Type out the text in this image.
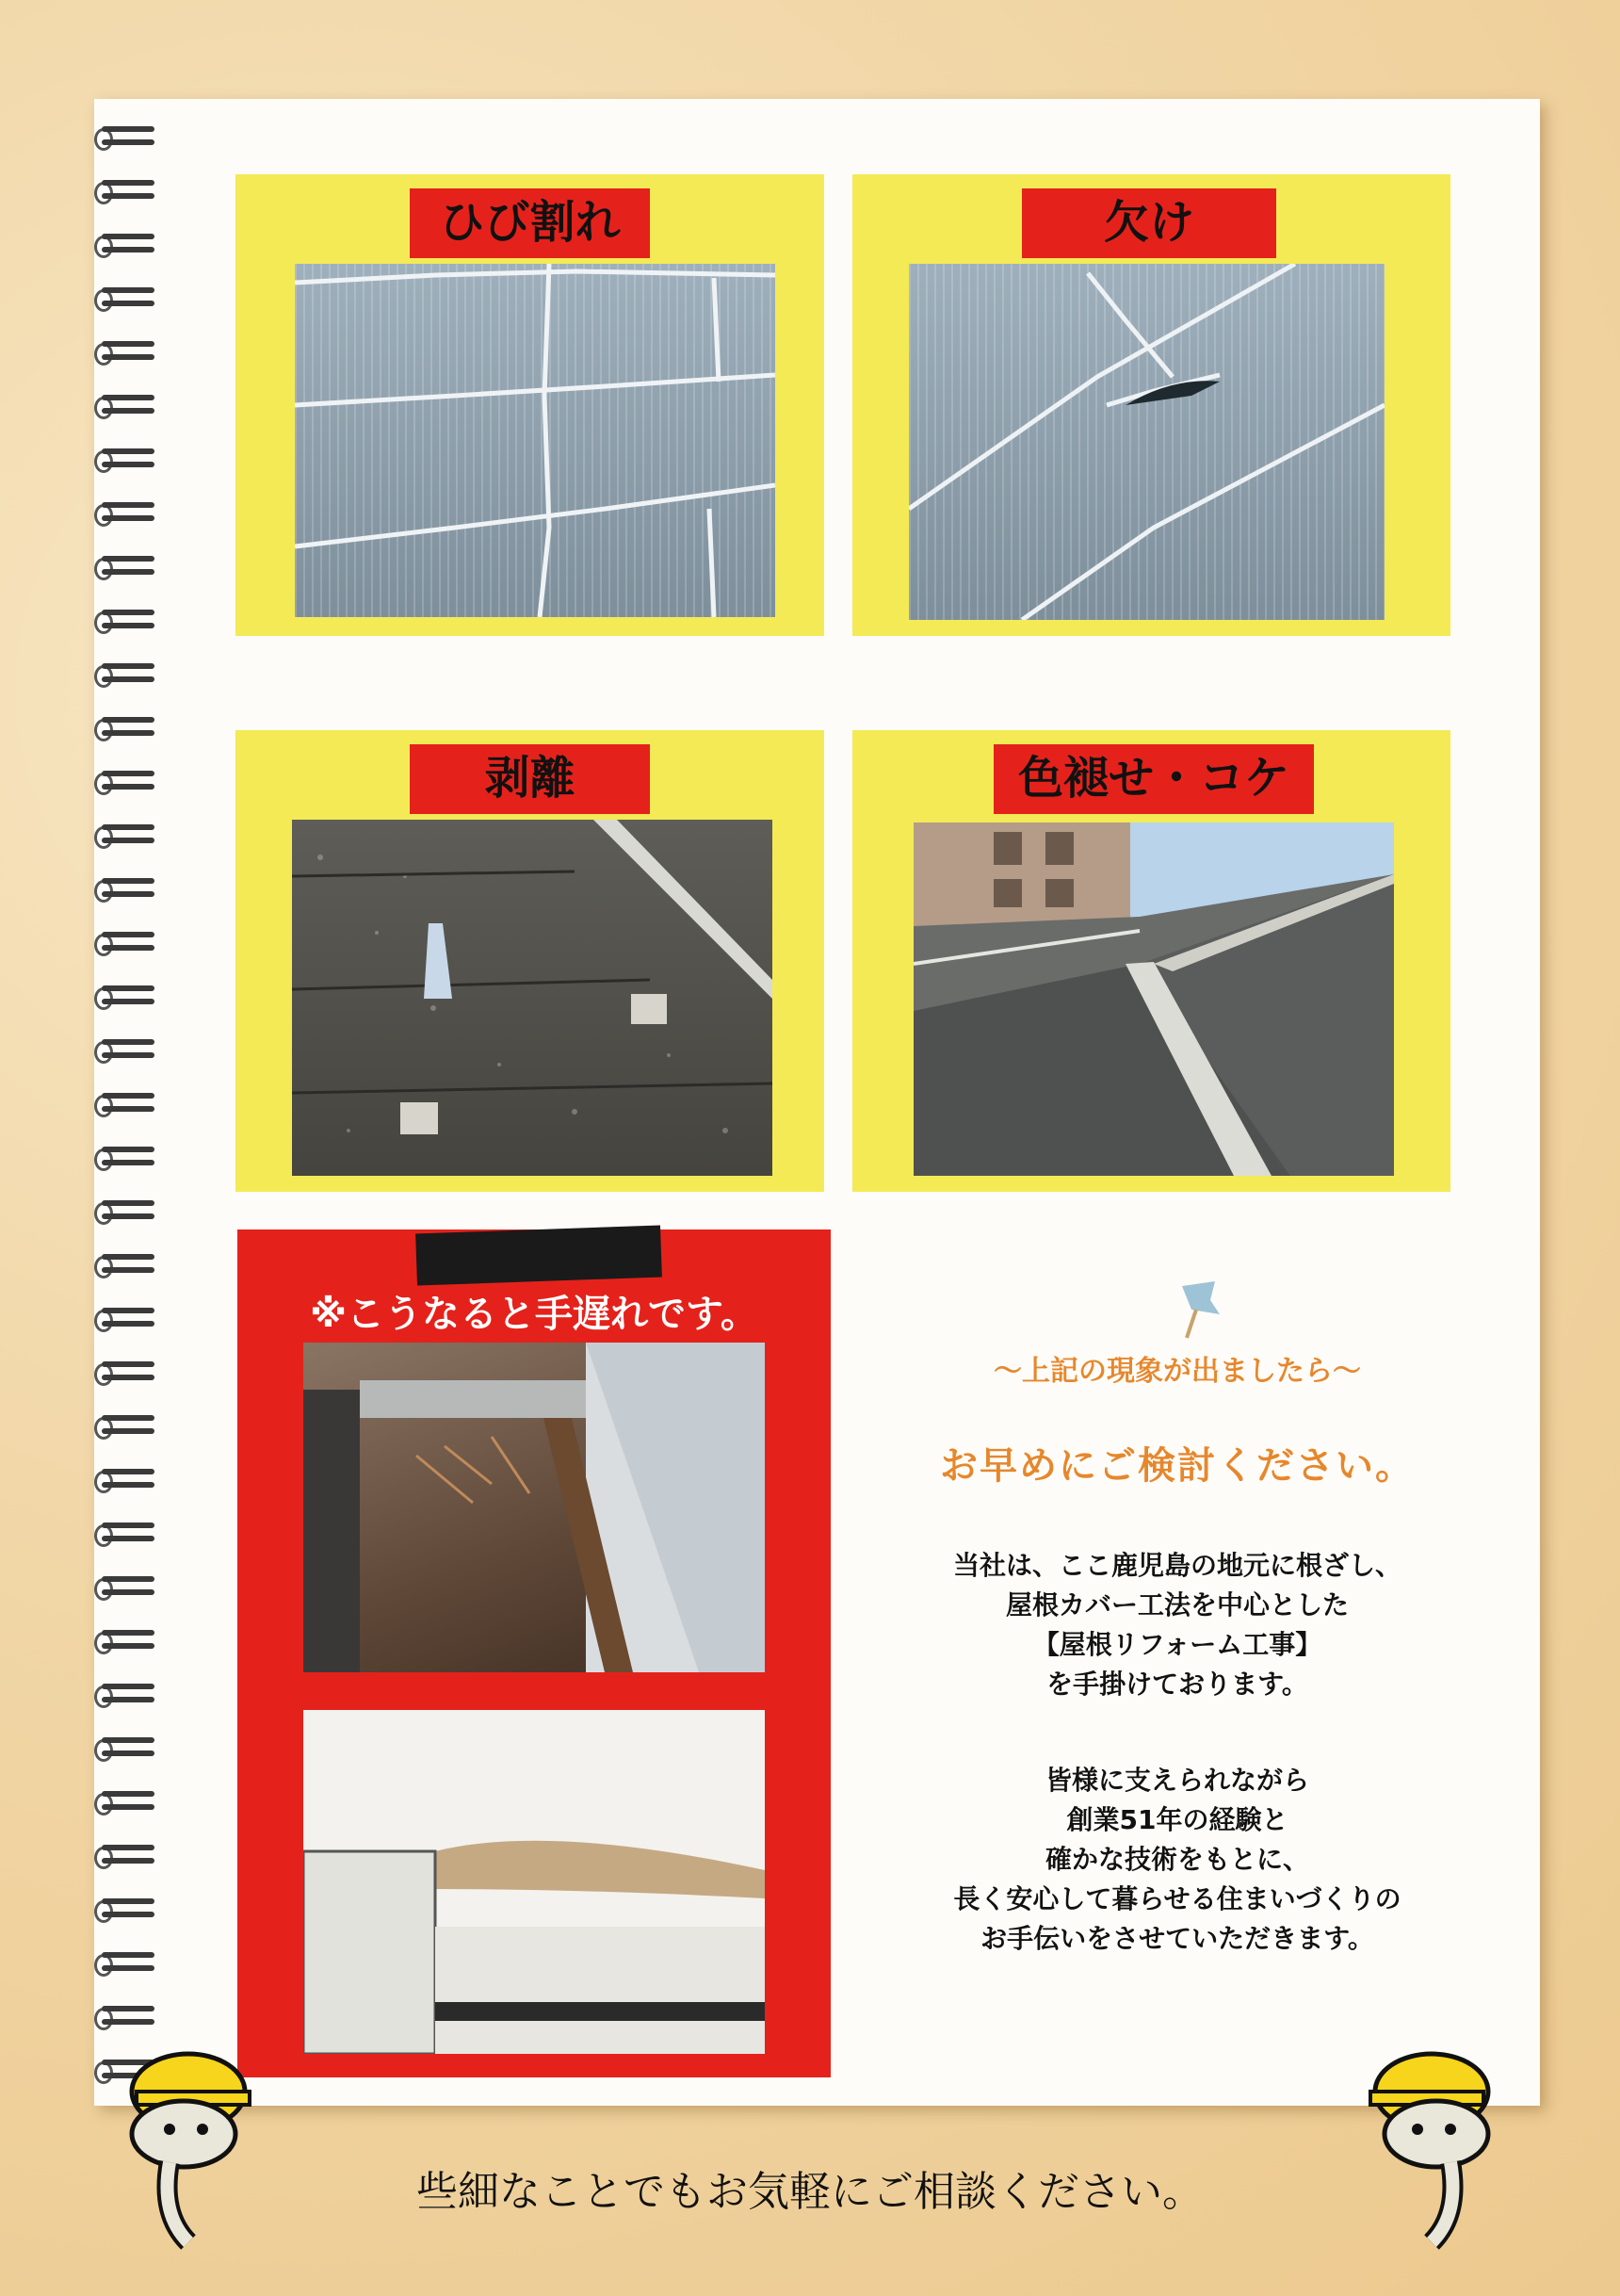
ひび割れ	欠け
剥離	色褪せ・コケ
※こうなると手遅れです。
〜上記の現象が出ましたら〜
お早めにご検討ください。
当社は、ここ鹿児島の地元に根ざし、
屋根カバー工法を中心とした
【屋根リフォーム工事】
を手掛けております。
皆様に支えられながら
創業51年の経験と
確かな技術をもとに、
長く安心して暮らせる住まいづくりの
お手伝いをさせていただきます。
些細なことでもお気軽にご相談ください。
